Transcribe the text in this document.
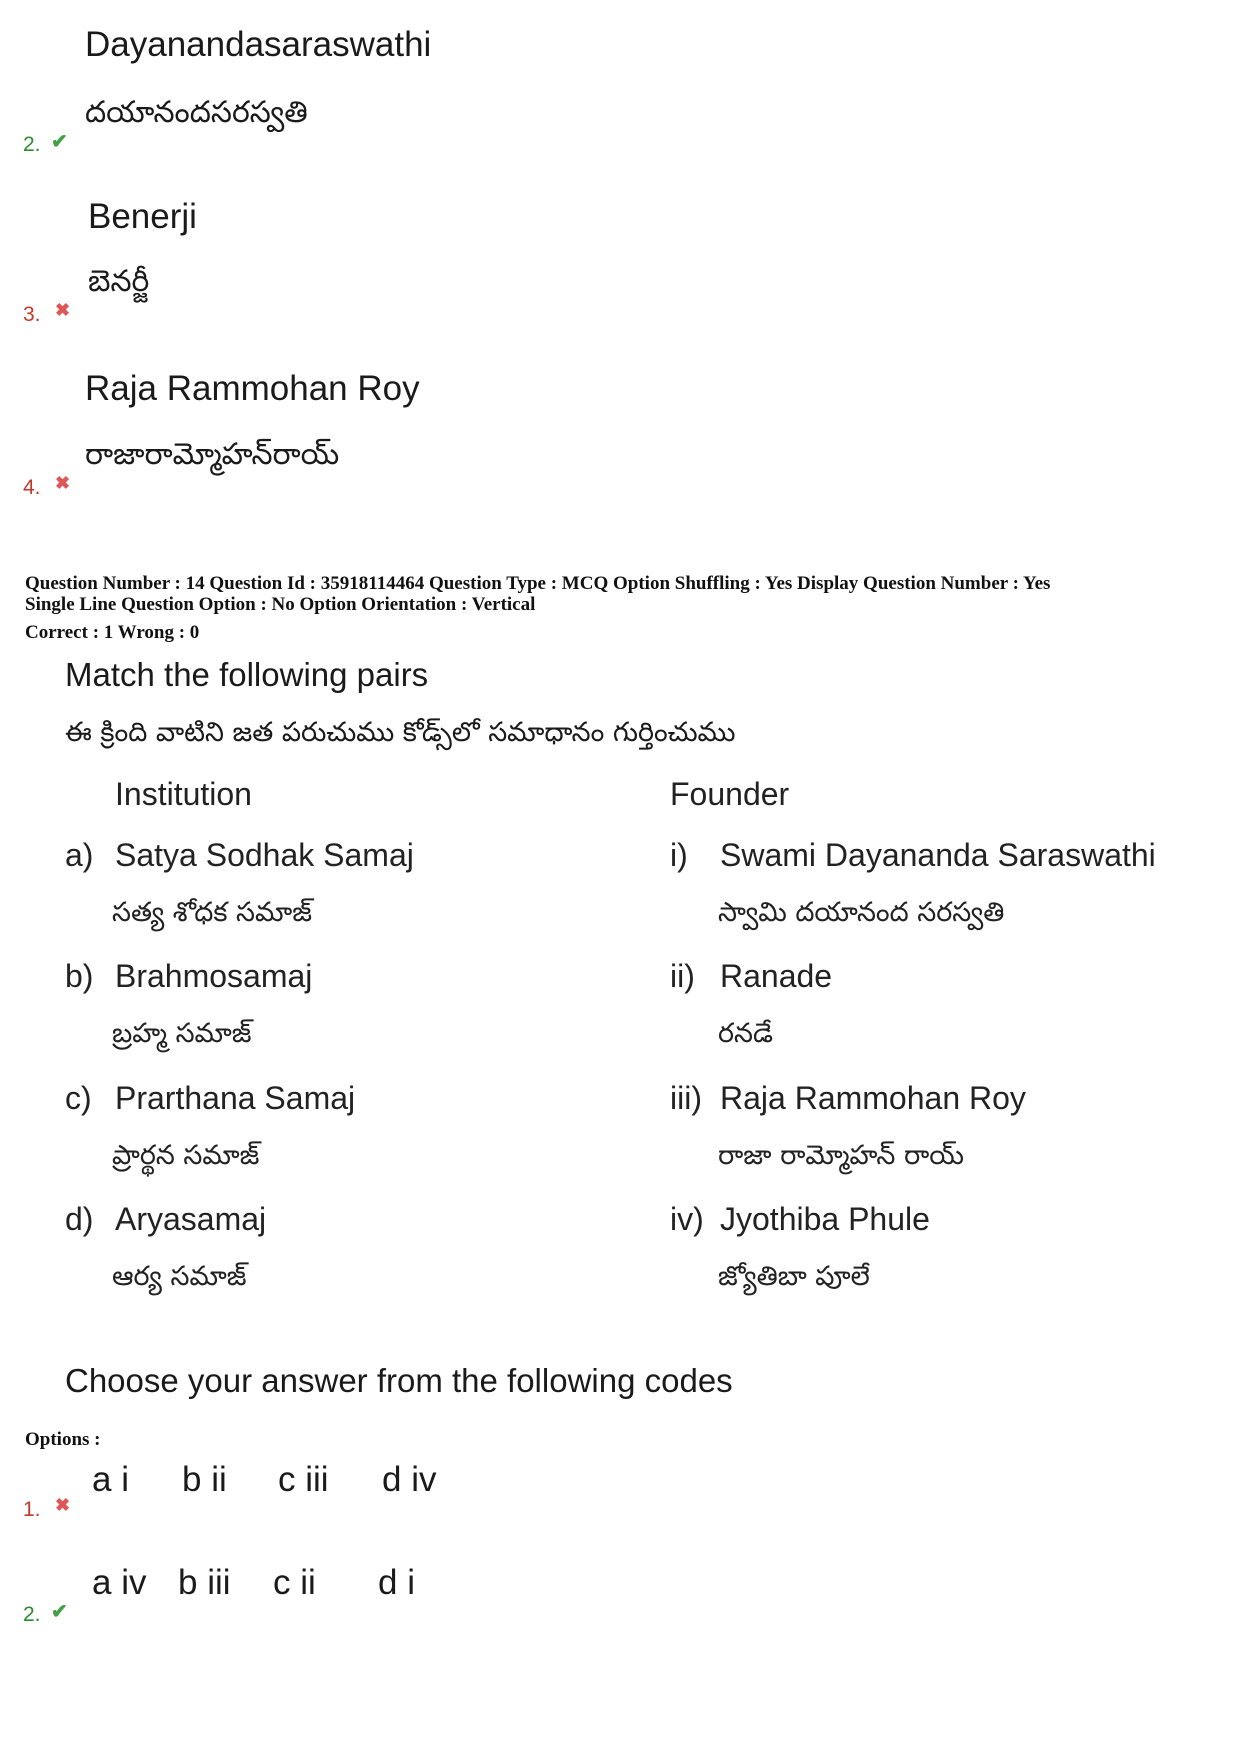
Dayanandasaraswathi
దయానందసరస్వతి
2. ✔
Benerji
బెనర్జీ
3. ✖
Raja Rammohan Roy
రాజారామ్మోహన్‌రాయ్
4. ✖
Question Number : 14 Question Id : 35918114464 Question Type : MCQ Option Shuffling : Yes Display Question Number : Yes
Single Line Question Option : No Option Orientation : Vertical
Correct : 1 Wrong : 0
Match the following pairs
ఈ క్రింది వాటిని జత పరుచుము కోడ్స్‌లో సమాధానం గుర్తించుము
Institution	Founder
a) Satya Sodhak Samaj
సత్య శోధక సమాజ్
i) Swami Dayananda Saraswathi
స్వామి దయానంద సరస్వతి
b) Brahmosamaj
బ్రహ్మ సమాజ్
ii) Ranade
రనడే
c) Prarthana Samaj
ప్రార్థన సమాజ్
iii) Raja Rammohan Roy
రాజా రామ్మోహన్ రాయ్
d) Aryasamaj
ఆర్య సమాజ్
iv) Jyothiba Phule
జ్యోతిబా పూలే
Choose your answer from the following codes
Options :
a i b ii c iii d iv
1. ✖
a iv b iii c ii d i
2. ✔
